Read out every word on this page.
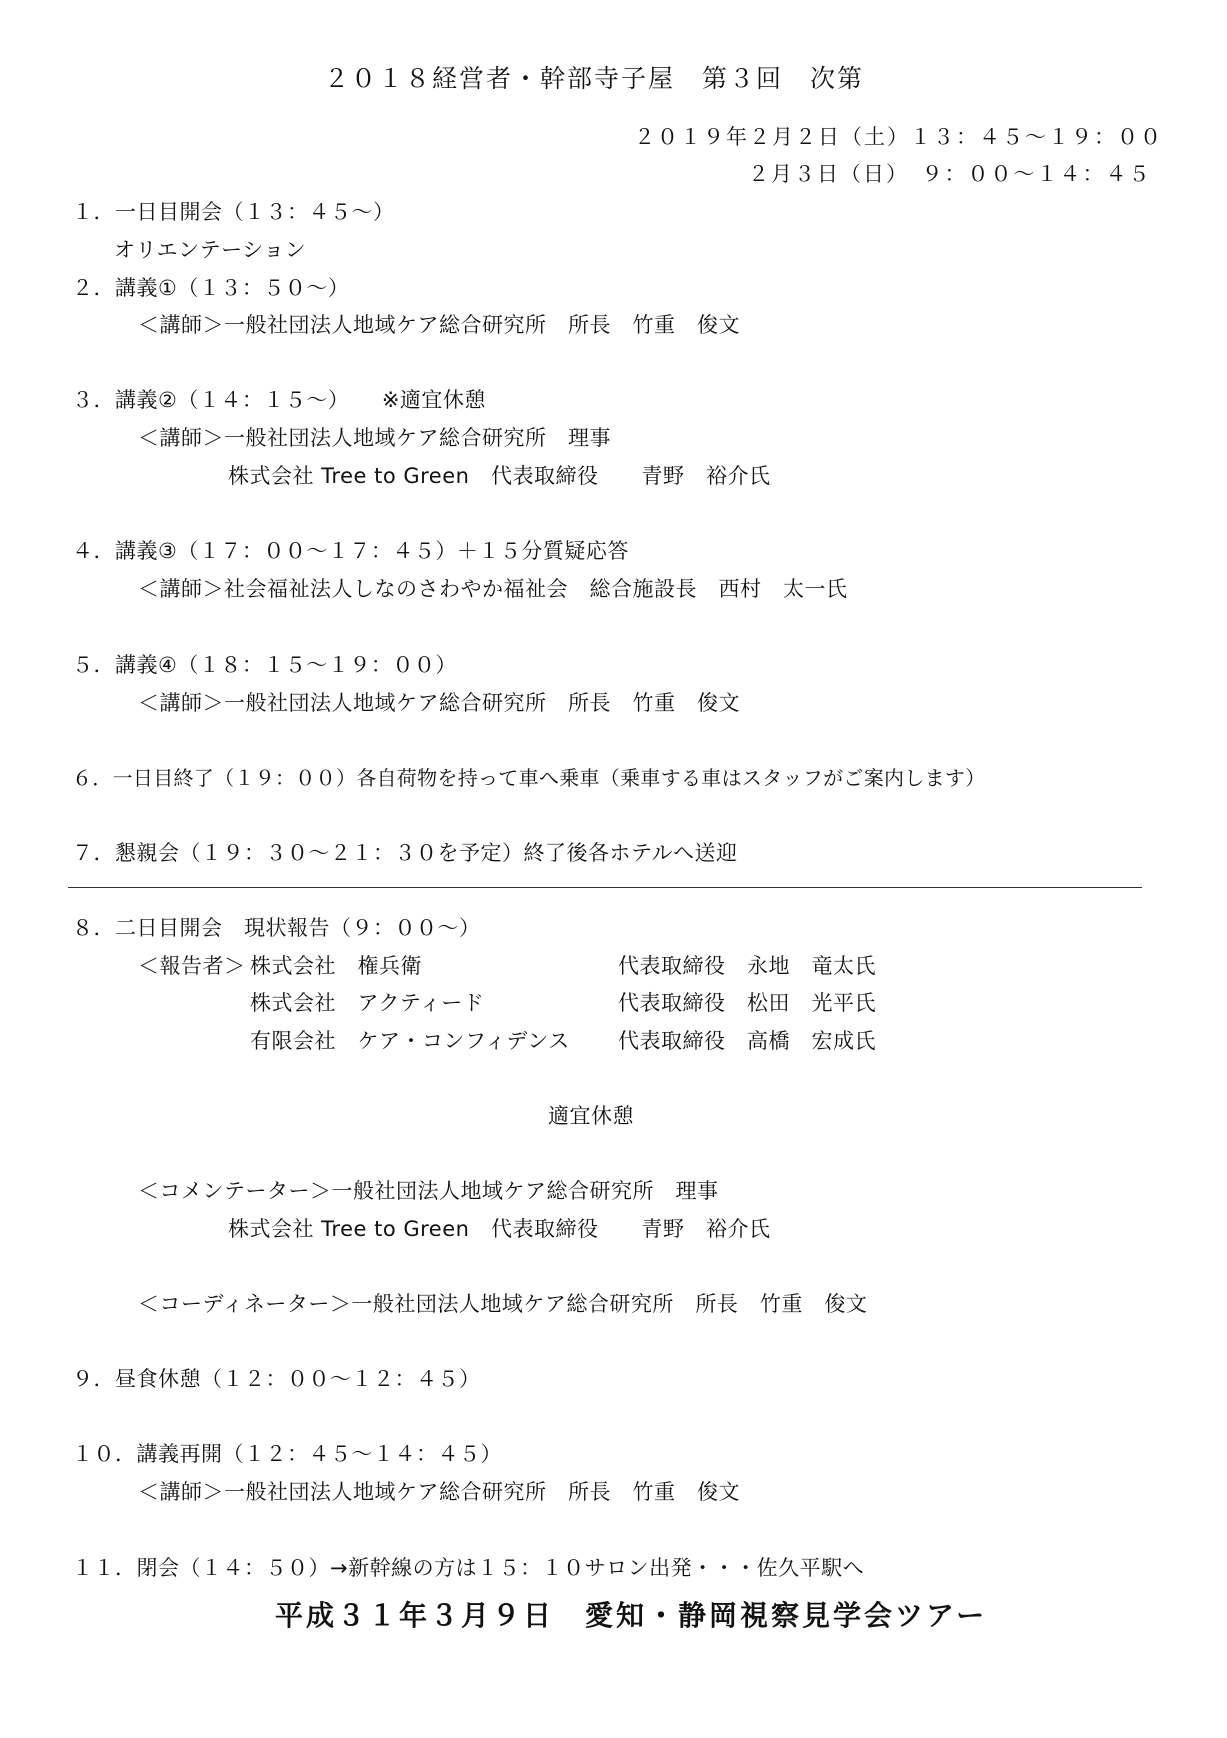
２０１８経営者・幹部寺子屋　第３回　次第
２０１９年２月２日（土）１３：４５～１９：００
２月３日（日）　９：００～１４：４５
１．一日目開会（１３：４５～）
オリエンテーション
２．講義①（１３：５０～）
＜講師＞一般社団法人地域ケア総合研究所　所長　竹重　俊文
３．講義②（１４：１５～）　　※適宜休憩
＜講師＞一般社団法人地域ケア総合研究所　理事
株式会社 Tree to Green　代表取締役　　青野　裕介氏
４．講義③（１７：００～１７：４５）＋１５分質疑応答
＜講師＞社会福祉法人しなのさわやか福祉会　総合施設長　西村　太一氏
５．講義④（１８：１５～１９：００）
＜講師＞一般社団法人地域ケア総合研究所　所長　竹重　俊文
６．一日目終了（１９：００）各自荷物を持って車へ乗車（乗車する車はスタッフがご案内します）
７．懇親会（１９：３０～２１：３０を予定）終了後各ホテルへ送迎
８．二日目開会　現状報告（９：００～）
＜報告者＞ 株式会社　権兵衛	代表取締役　永地　竜太氏
株式会社　アクティード	代表取締役　松田　光平氏
有限会社　ケア・コンフィデンス 代表取締役　高橋　宏成氏
適宜休憩
＜コメンテーター＞一般社団法人地域ケア総合研究所　理事
株式会社 Tree to Green　代表取締役　　青野　裕介氏
＜コーディネーター＞一般社団法人地域ケア総合研究所　所長　竹重　俊文
９．昼食休憩（１２：００～１２：４５）
１０．講義再開（１２：４５～１４：４５）
＜講師＞一般社団法人地域ケア総合研究所　所長　竹重　俊文
１１．閉会（１４：５０）→新幹線の方は１５：１０サロン出発・・・佐久平駅へ
平成３１年３月９日　愛知・静岡視察見学会ツアー
